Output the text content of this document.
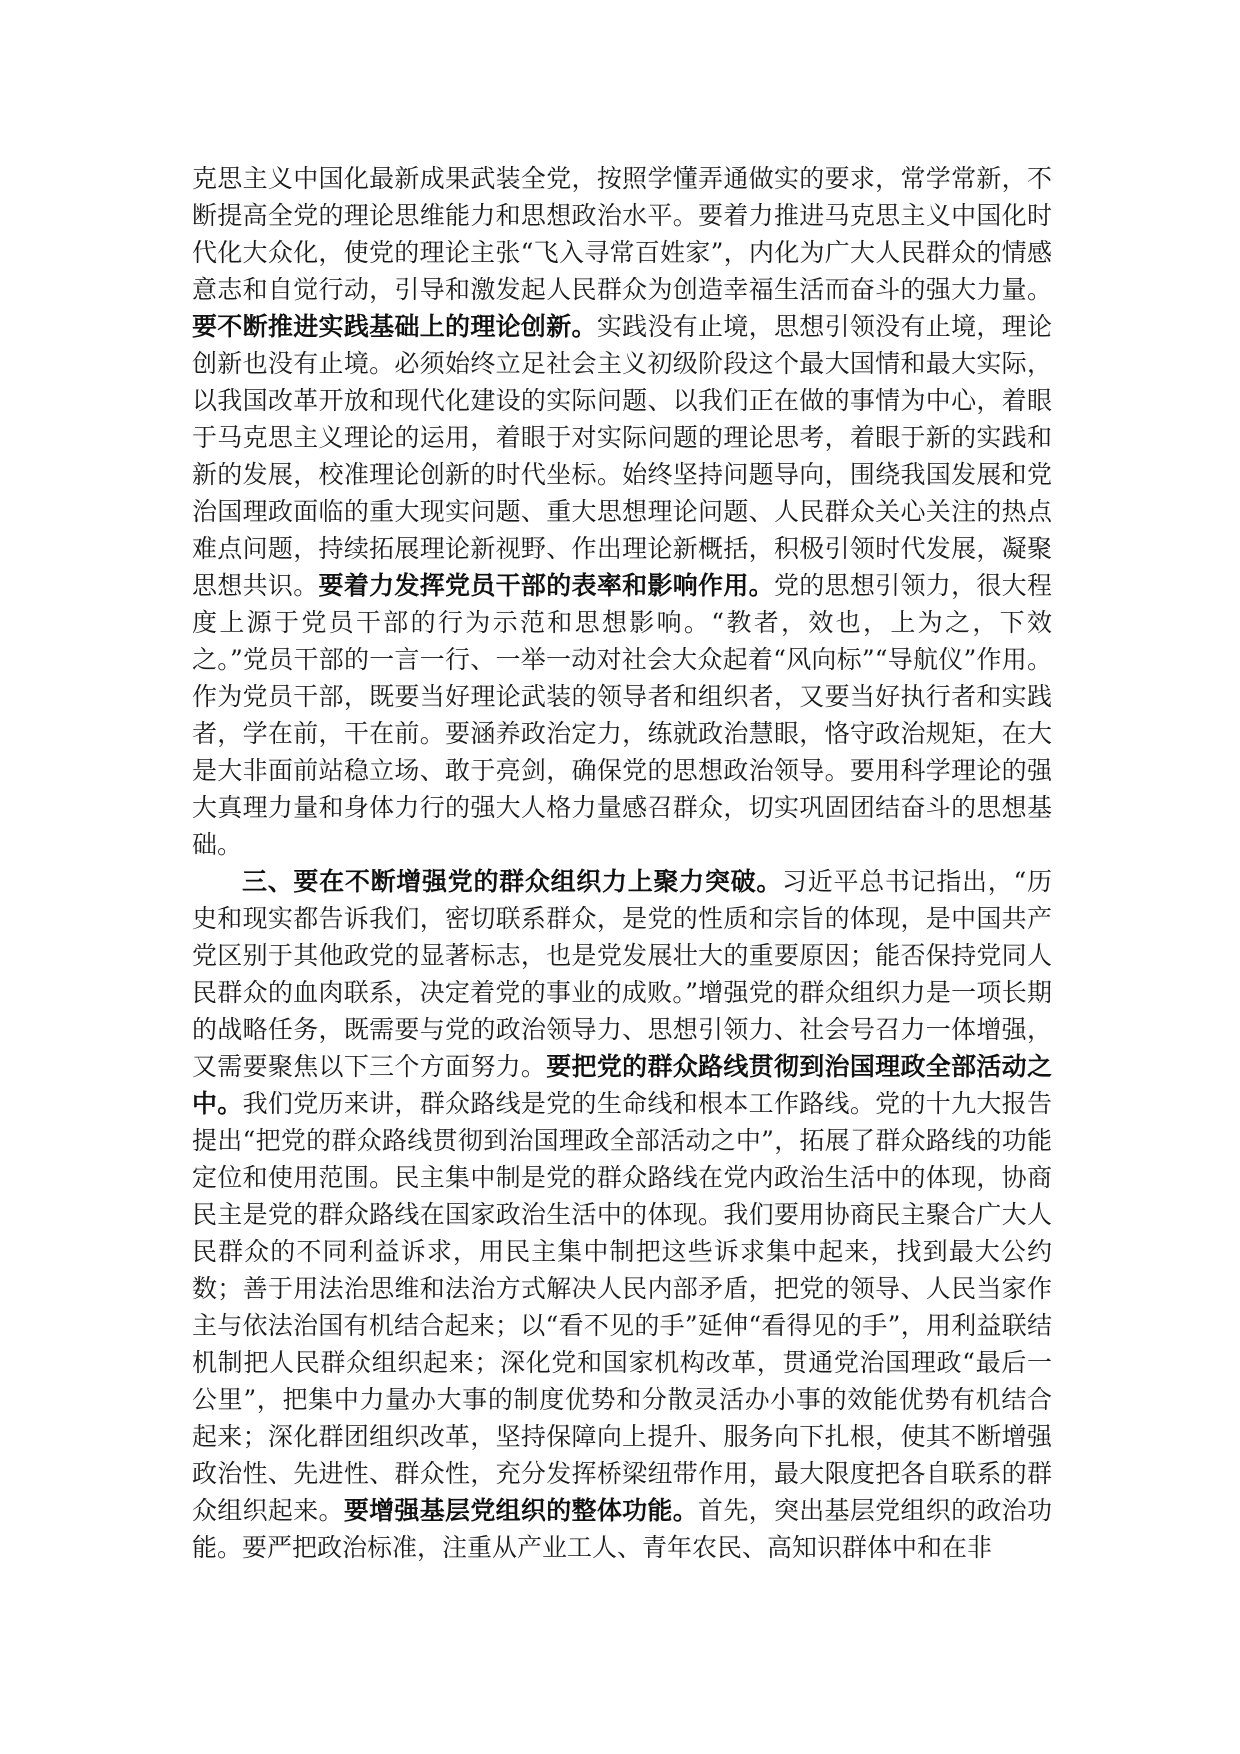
克思主义中国化最新成果武装全党，按照学懂弄通做实的要求，常学常新，不断提高全党的理论思维能力和思想政治水平。要着力推进马克思主义中国化时代化大众化，使党的理论主张“飞入寻常百姓家”，内化为广大人民群众的情感意志和自觉行动，引导和激发起人民群众为创造幸福生活而奋斗的强大力量。要不断推进实践基础上的理论创新。实践没有止境，思想引领没有止境，理论创新也没有止境。必须始终立足社会主义初级阶段这个最大国情和最大实际，以我国改革开放和现代化建设的实际问题、以我们正在做的事情为中心，着眼于马克思主义理论的运用，着眼于对实际问题的理论思考，着眼于新的实践和新的发展，校准理论创新的时代坐标。始终坚持问题导向，围绕我国发展和党治国理政面临的重大现实问题、重大思想理论问题、人民群众关心关注的热点难点问题，持续拓展理论新视野、作出理论新概括，积极引领时代发展，凝聚思想共识。要着力发挥党员干部的表率和影响作用。党的思想引领力，很大程度上源于党员干部的行为示范和思想影响。“教者，效也，上为之，下效之。”党员干部的一言一行、一举一动对社会大众起着“风向标”“导航仪”作用。作为党员干部，既要当好理论武装的领导者和组织者，又要当好执行者和实践者，学在前，干在前。要涵养政治定力，练就政治慧眼，恪守政治规矩，在大是大非面前站稳立场、敢于亮剑，确保党的思想政治领导。要用科学理论的强大真理力量和身体力行的强大人格力量感召群众，切实巩固团结奋斗的思想基础。

三、要在不断增强党的群众组织力上聚力突破。习近平总书记指出，“历史和现实都告诉我们，密切联系群众，是党的性质和宗旨的体现，是中国共产党区别于其他政党的显著标志，也是党发展壮大的重要原因；能否保持党同人民群众的血肉联系，决定着党的事业的成败。”增强党的群众组织力是一项长期的战略任务，既需要与党的政治领导力、思想引领力、社会号召力一体增强，又需要聚焦以下三个方面努力。要把党的群众路线贯彻到治国理政全部活动之中。我们党历来讲，群众路线是党的生命线和根本工作路线。党的十九大报告提出“把党的群众路线贯彻到治国理政全部活动之中”，拓展了群众路线的功能定位和使用范围。民主集中制是党的群众路线在党内政治生活中的体现，协商民主是党的群众路线在国家政治生活中的体现。我们要用协商民主聚合广大人民群众的不同利益诉求，用民主集中制把这些诉求集中起来，找到最大公约数；善于用法治思维和法治方式解决人民内部矛盾，把党的领导、人民当家作主与依法治国有机结合起来；以“看不见的手”延伸“看得见的手”，用利益联结机制把人民群众组织起来；深化党和国家机构改革，贯通党治国理政“最后一公里”，把集中力量办大事的制度优势和分散灵活办小事的效能优势有机结合起来；深化群团组织改革，坚持保障向上提升、服务向下扎根，使其不断增强政治性、先进性、群众性，充分发挥桥梁纽带作用，最大限度把各自联系的群众组织起来。要增强基层党组织的整体功能。首先，突出基层党组织的政治功能。要严把政治标准，注重从产业工人、青年农民、高知识群体中和在非
